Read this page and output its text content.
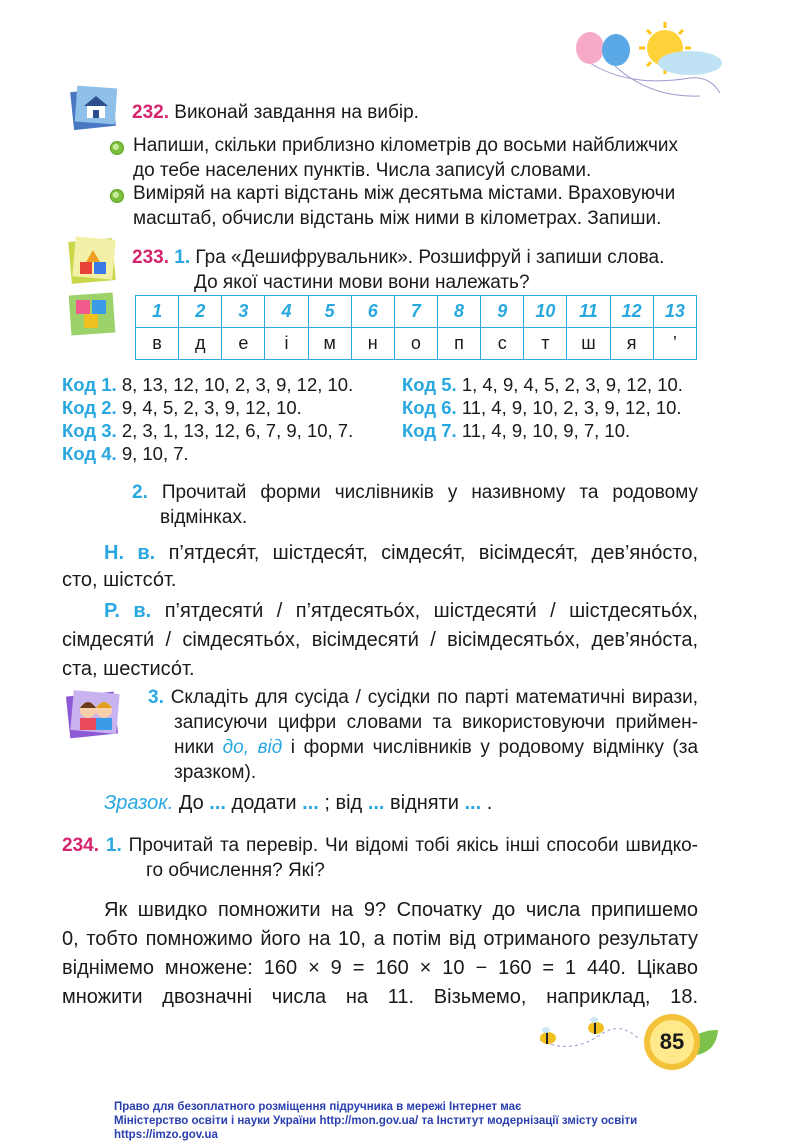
232. Виконай завдання на вибір.
Напиши, скільки приблизно кілометрів до восьми найближчих
до тебе населених пунктів. Числа записуй словами.
Виміряй на карті відстань між десятьма містами. Враховуючи
масштаб, обчисли відстань між ними в кілометрах. Запиши.
233. 1. Гра «Дешифрувальник». Розшифруй і запиши слова.
До якої частини мови вони належать?
1	2	3	4	5	6	7	8	9	10	11	12	13
в	д	е	і	м	н	о	п	с	т	ш	я	’
Код 1. 8, 13, 12, 10, 2, 3, 9, 12, 10.
Код 2. 9, 4, 5, 2, 3, 9, 12, 10.
Код 3. 2, 3, 1, 13, 12, 6, 7, 9, 10, 7.
Код 4. 9, 10, 7.
Код 5. 1, 4, 9, 4, 5, 2, 3, 9, 12, 10.
Код 6. 11, 4, 9, 10, 2, 3, 9, 12, 10.
Код 7. 11, 4, 9, 10, 9, 7, 10.
2. Прочитай форми числівників у називному та родовому
відмінках.
Н. в. п’ятдеся́т, шістдеся́т, сімдеся́т, вісімдеся́т, дев’яно́сто,
сто, шістсо́т.
Р. в. п’ятдесяти́ / п’ятдесятьо́х, шістдесяти́ / шістдесятьо́х,
сімдесяти́ / сімдесятьо́х, вісімдесяти́ / вісімдесятьо́х, дев’яно́ста,
ста, шестисо́т.
3. Складіть для сусіда / сусідки по парті математичні вирази,
записуючи цифри словами та використовуючи приймен-
ники до, від і форми числівників у родовому відмінку (за
зразком).
Зразок. До ... додати ... ; від ... відняти ... .
234. 1. Прочитай та перевір. Чи відомі тобі якісь інші способи швидко-
го обчислення? Які?
Як швидко помножити на 9? Спочатку до числа припишемо
0, тобто помножимо його на 10, а потім від отриманого результату
віднімемо множене: 160 × 9 = 160 × 10 − 160 = 1 440. Цікаво
множити двозначні числа на 11. Візьмемо, наприклад, 18.
85
Право для безоплатного розміщення підручника в мережі Інтернет має
Міністерство освіти і науки України http://mon.gov.ua/ та Інститут модернізації змісту освіти https://imzo.gov.ua
